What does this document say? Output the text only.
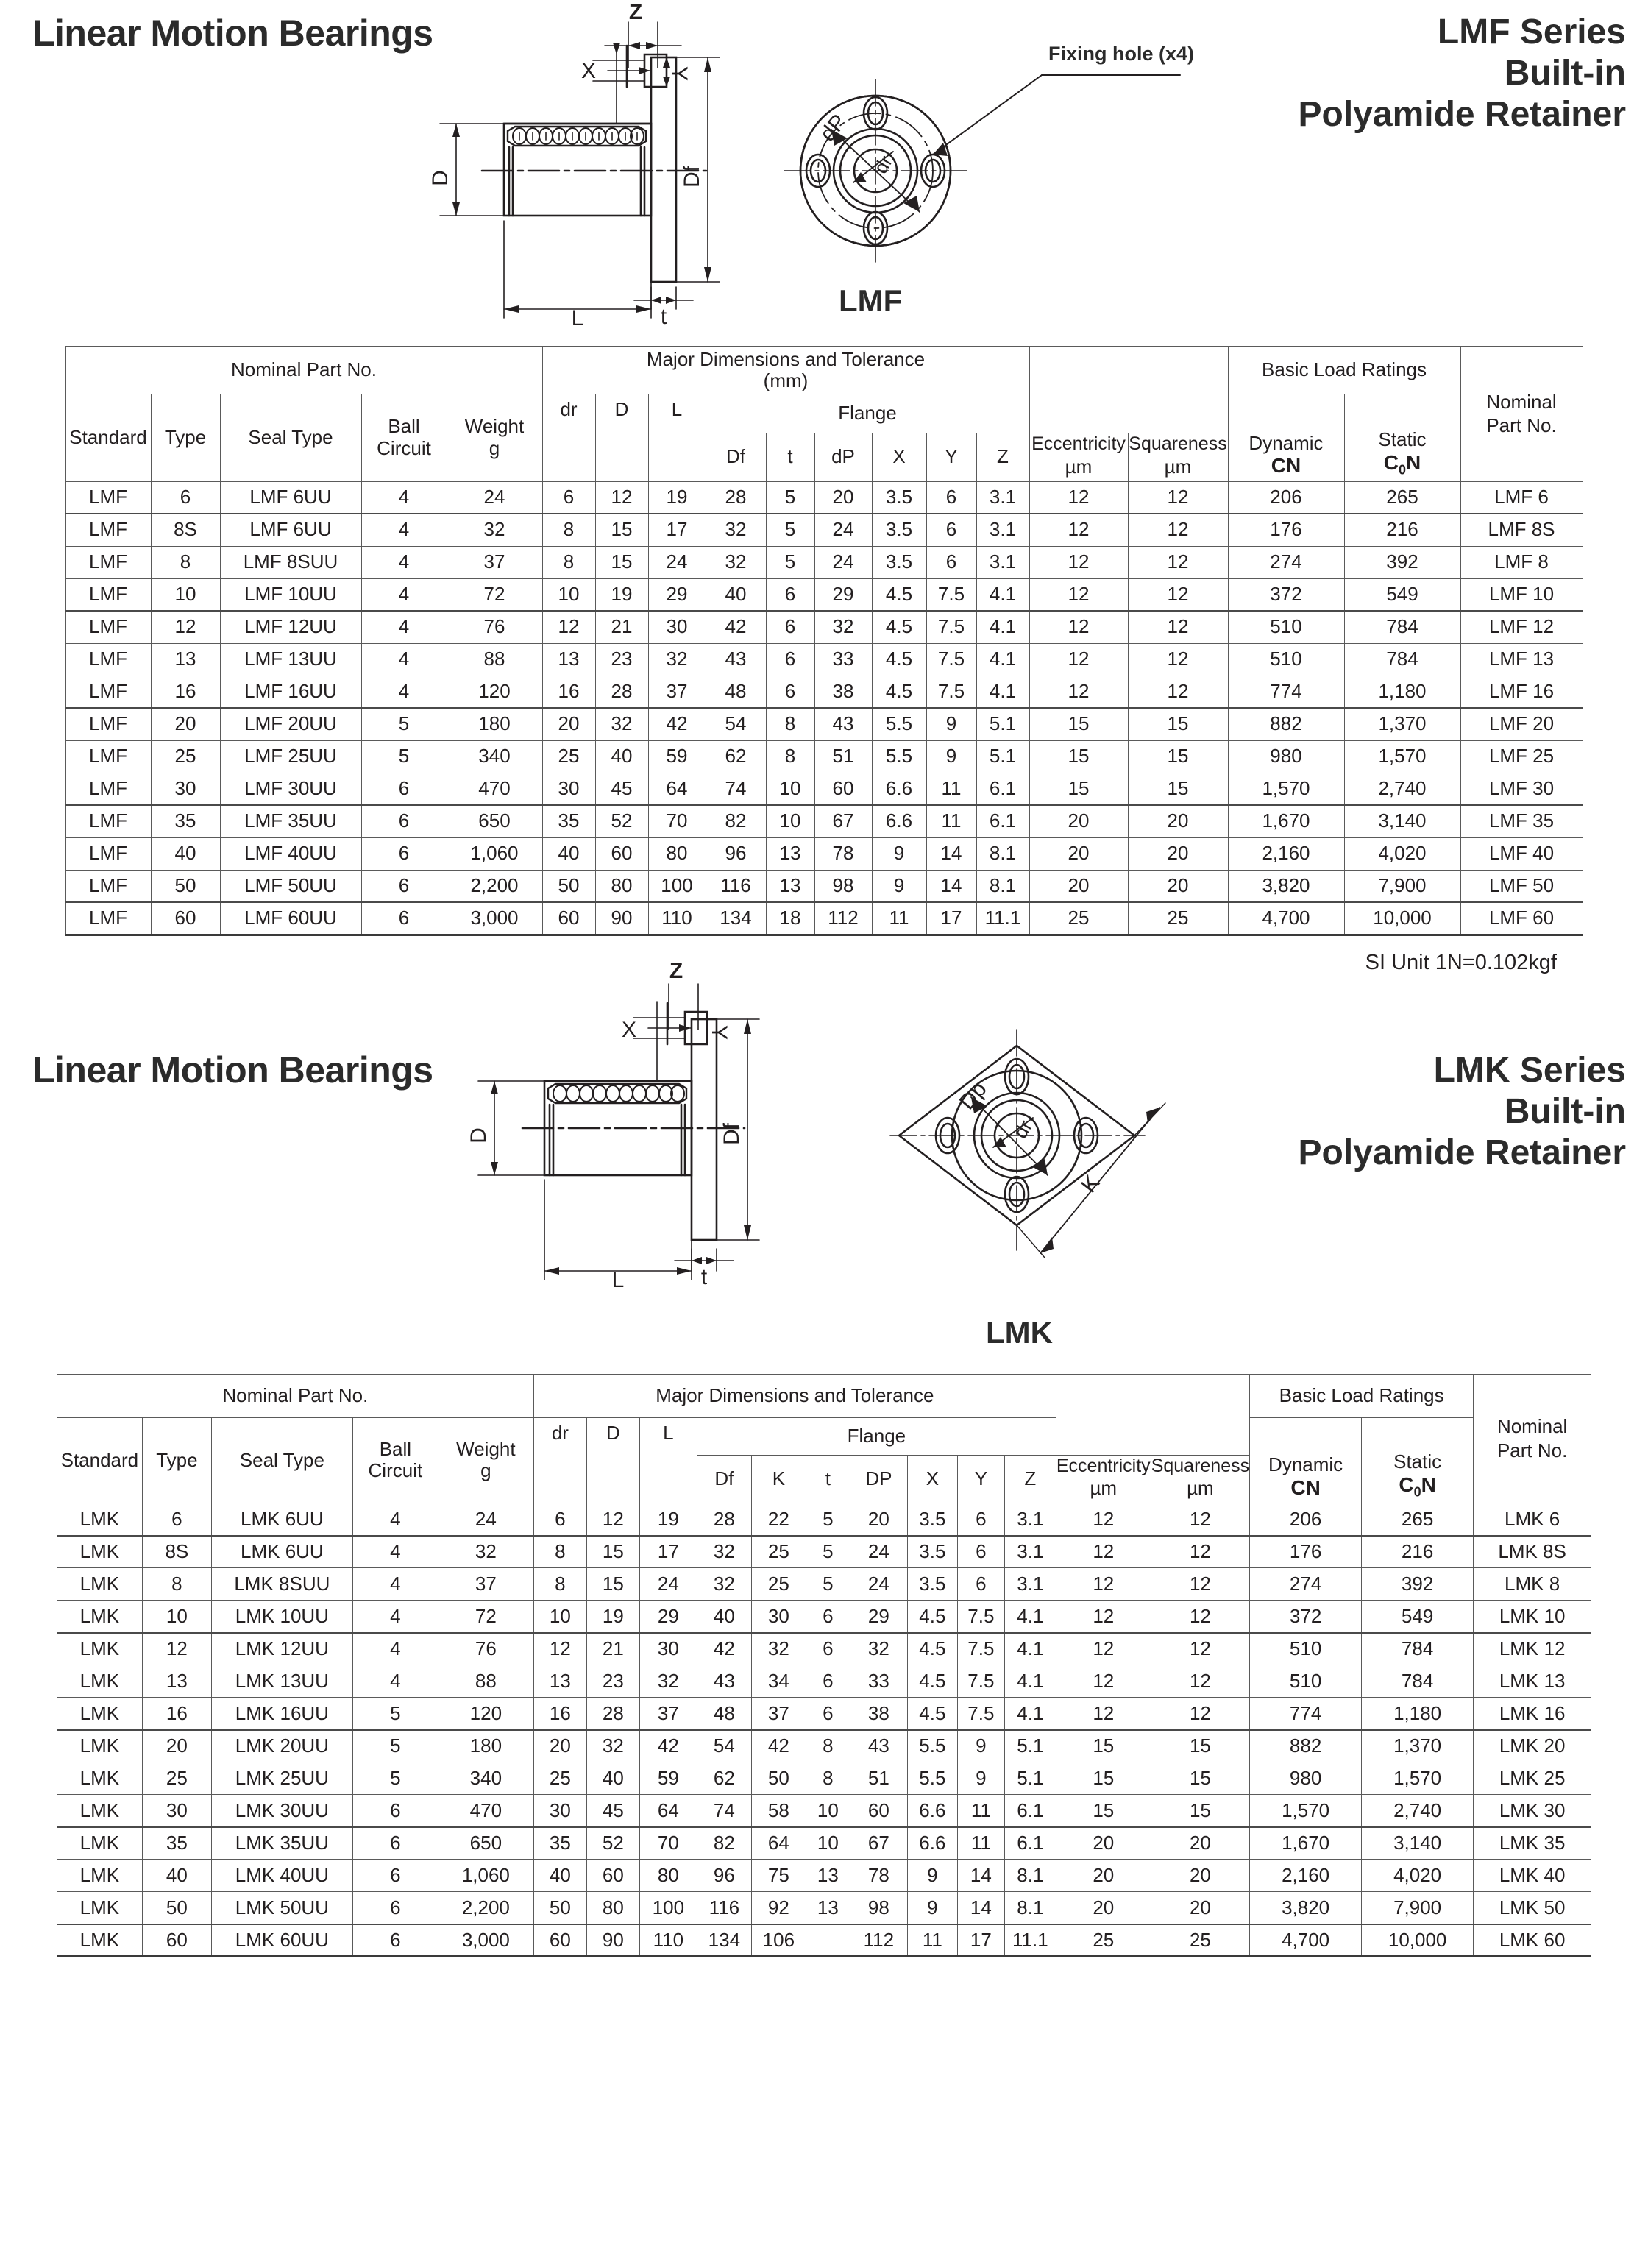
Linear Motion Bearings	LMF Series
Built-in
Polyamide Retainer
Fixing hole (x4)
Z
X	Y
D	Df
L	t
dP
dr
LMF
Nominal Part No.	Major Dimensions and Tolerance
(mm)		Basic Load Ratings	
Nominal
Part No.

Standard	Type	Seal Type	Ball
Circuit

Weight
g
	dr	D	L	Flange	
Dynamic
CN

Static
$C_0N$

Df	t	dP	X	Y	Z	
Eccentricity
µm

Squareness
µm

LMF	6	LMF 6UU	4	24	6	12	19	28	5	20	3.5	6	3.1	12	12	206	265	LMF 6
LMF	8S	LMF 6UU	4	32	8	15	17	32	5	24	3.5	6	3.1	12	12	176	216	LMF 8S
LMF	8	LMF 8SUU	4	37	8	15	24	32	5	24	3.5	6	3.1	12	12	274	392	LMF 8
LMF	10	LMF 10UU	4	72	10	19	29	40	6	29	4.5	7.5	4.1	12	12	372	549	LMF 10
LMF	12	LMF 12UU	4	76	12	21	30	42	6	32	4.5	7.5	4.1	12	12	510	784	LMF 12
LMF	13	LMF 13UU	4	88	13	23	32	43	6	33	4.5	7.5	4.1	12	12	510	784	LMF 13
LMF	16	LMF 16UU	4	120	16	28	37	48	6	38	4.5	7.5	4.1	12	12	774	1,180	LMF 16
LMF	20	LMF 20UU	5	180	20	32	42	54	8	43	5.5	9	5.1	15	15	882	1,370	LMF 20
LMF	25	LMF 25UU	5	340	25	40	59	62	8	51	5.5	9	5.1	15	15	980	1,570	LMF 25
LMF	30	LMF 30UU	6	470	30	45	64	74	10	60	6.6	11	6.1	15	15	1,570	2,740	LMF 30
LMF	35	LMF 35UU	6	650	35	52	70	82	10	67	6.6	11	6.1	20	20	1,670	3,140	LMF 35
LMF	40	LMF 40UU	6	1,060	40	60	80	96	13	78	9	14	8.1	20	20	2,160	4,020	LMF 40
LMF	50	LMF 50UU	6	2,200	50	80	100	116	13	98	9	14	8.1	20	20	3,820	7,900	LMF 50
LMF	60	LMF 60UU	6	3,000	60	90	110	134	18	112	11	17	11.1	25	25	4,700	10,000	LMF 60
SI Unit 1N=0.102kgf
Linear Motion Bearings	LMK Series
Built-in
Polyamide Retainer
Z
X	Y
D	Df
L	t
Dp
dr
K
LMK
Nominal Part No.					Major Dimensions and Tolerance												Basic Load Ratings		Nominal
Part No.

Standard	Type	Seal Type	Ball
Circuit

Weight
g
	dr	D	L	Flange	
Dynamic
CN

Static
$C_0N$

Df	K	t	DP	X	Y	Z	
Eccentricity
µm

Squareness
µm

LMK	6	LMK 6UU	4	24	6	12	19	28	22	5	20	3.5	6	3.1	12	12	206	265	LMK 6
LMK	8S	LMK 6UU	4	32	8	15	17	32	25	5	24	3.5	6	3.1	12	12	176	216	LMK 8S
LMK	8	LMK 8SUU	4	37	8	15	24	32	25	5	24	3.5	6	3.1	12	12	274	392	LMK 8
LMK	10	LMK 10UU	4	72	10	19	29	40	30	6	29	4.5	7.5	4.1	12	12	372	549	LMK 10
LMK	12	LMK 12UU	4	76	12	21	30	42	32	6	32	4.5	7.5	4.1	12	12	510	784	LMK 12
LMK	13	LMK 13UU	4	88	13	23	32	43	34	6	33	4.5	7.5	4.1	12	12	510	784	LMK 13
LMK	16	LMK 16UU	5	120	16	28	37	48	37	6	38	4.5	7.5	4.1	12	12	774	1,180	LMK 16
LMK	20	LMK 20UU	5	180	20	32	42	54	42	8	43	5.5	9	5.1	15	15	882	1,370	LMK 20
LMK	25	LMK 25UU	5	340	25	40	59	62	50	8	51	5.5	9	5.1	15	15	980	1,570	LMK 25
LMK	30	LMK 30UU	6	470	30	45	64	74	58	10	60	6.6	11	6.1	15	15	1,570	2,740	LMK 30
LMK	35	LMK 35UU	6	650	35	52	70	82	64	10	67	6.6	11	6.1	20	20	1,670	3,140	LMK 35
LMK	40	LMK 40UU	6	1,060	40	60	80	96	75	13	78	9	14	8.1	20	20	2,160	4,020	LMK 40
LMK	50	LMK 50UU	6	2,200	50	80	100	116	92	13	98	9	14	8.1	20	20	3,820	7,900	LMK 50
LMK	60	LMK 60UU	6	3,000	60	90	110	134	106		112	11	17	11.1	25	25	4,700	10,000	LMK 60
